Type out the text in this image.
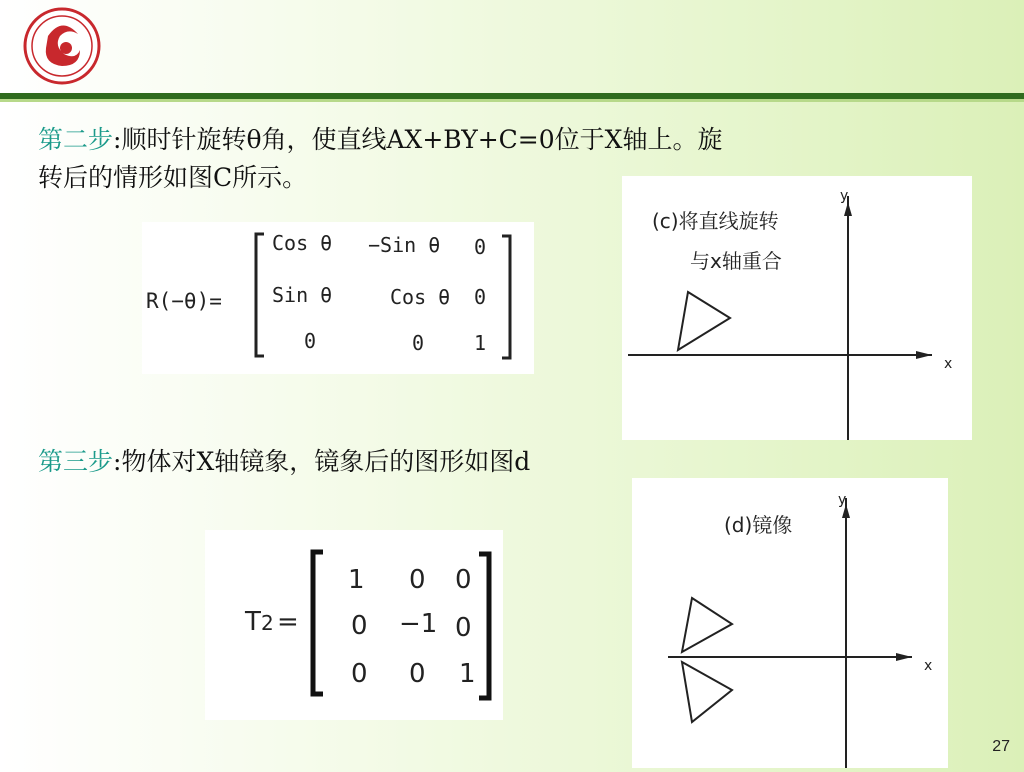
第二步:顺时针旋转θ角，使直线AX+BY+C=0位于X轴上。旋
转后的情形如图C所示。
R(−θ)=
Cos θ −Sin θ 0
Sin θ	Cos θ 0
0	0 1
(c)将直线旋转
与x轴重合
y
x
第三步:物体对X轴镜象，镜象后的图形如图d
T 2 =
1 0 0
0 −1 0
0 0 1
(d)镜像
y
x
27
